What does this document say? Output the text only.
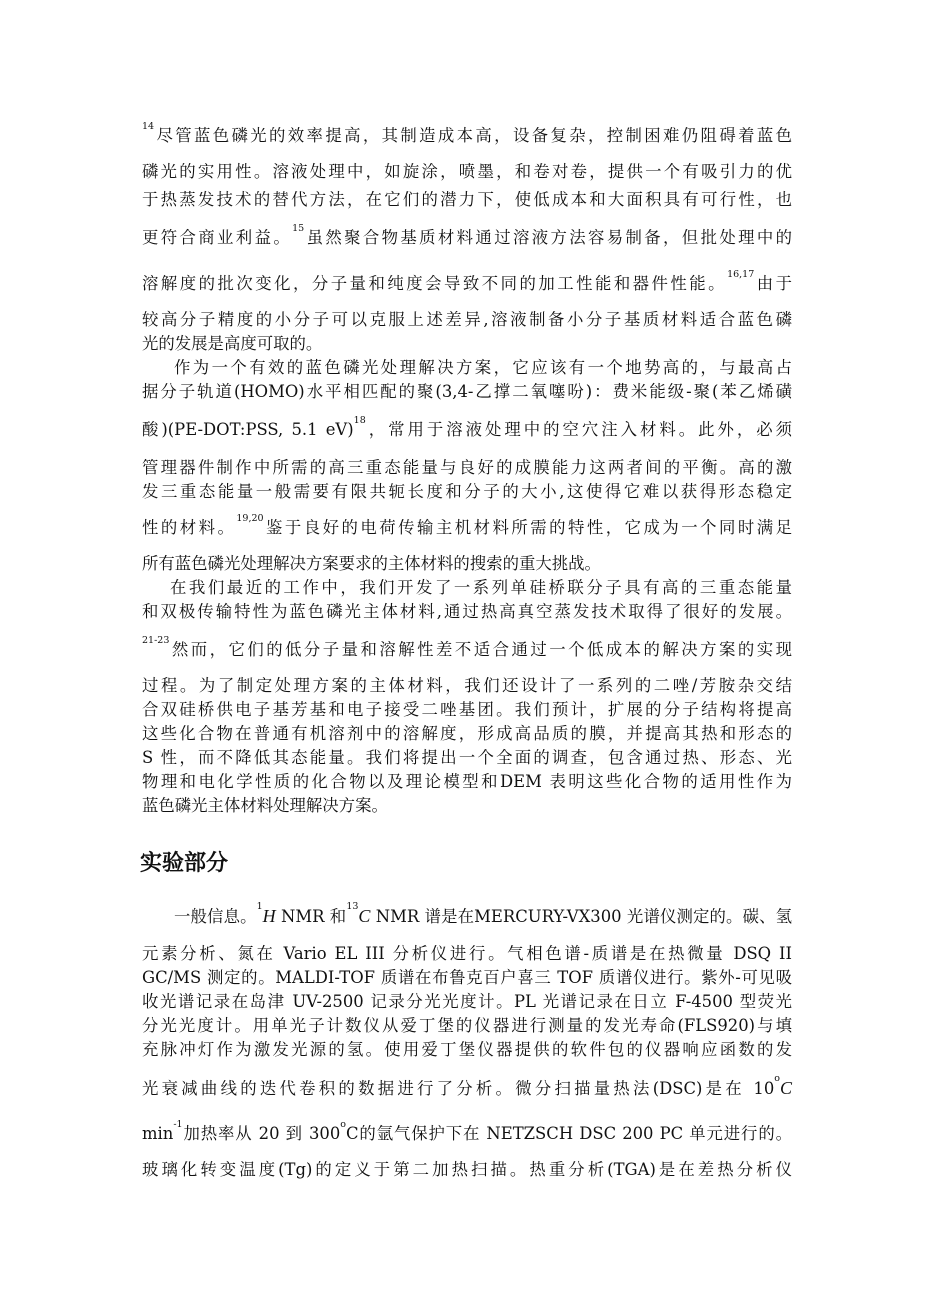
$^{14}$尽管蓝色磷光的效率提高，其制造成本高，设备复杂，控制困难仍阻碍着蓝色
磷光的实用性。溶液处理中，如旋涂，喷墨，和卷对卷，提供一个有吸引力的优
于热蒸发技术的替代方法，在它们的潜力下，使低成本和大面积具有可行性，也
更符合商业利益。$^{15}$虽然聚合物基质材料通过溶液方法容易制备，但批处理中的
溶解度的批次变化，分子量和纯度会导致不同的加工性能和器件性能。$^{16,17}$由于
较高分子精度的小分子可以克服上述差异,溶液制备小分子基质材料适合蓝色磷
光的发展是高度可取的。
作为一个有效的蓝色磷光处理解决方案，它应该有一个地势高的，与最高占
据分子轨道(HOMO)水平相匹配的聚(3,4-乙撑二氧噻吩)：费米能级-聚(苯乙烯磺
酸)(PE-DOT:PSS, 5.1 eV)$^{18}$，常用于溶液处理中的空穴注入材料。此外，必须
管理器件制作中所需的高三重态能量与良好的成膜能力这两者间的平衡。高的激
发三重态能量一般需要有限共轭长度和分子的大小,这使得它难以获得形态稳定
性的材料。$^{19,20}$鉴于良好的电荷传输主机材料所需的特性，它成为一个同时满足
所有蓝色磷光处理解决方案要求的主体材料的搜索的重大挑战。
在我们最近的工作中，我们开发了一系列单硅桥联分子具有高的三重态能量
和双极传输特性为蓝色磷光主体材料,通过热高真空蒸发技术取得了很好的发展。
$^{21-23}$然而，它们的低分子量和溶解性差不适合通过一个低成本的解决方案的实现
过程。为了制定处理方案的主体材料，我们还设计了一系列的二唑/芳胺杂交结
合双硅桥供电子基芳基和电子接受二唑基团。我们预计，扩展的分子结构将提高
这些化合物在普通有机溶剂中的溶解度，形成高品质的膜，并提高其热和形态的
S 性，而不降低其态能量。我们将提出一个全面的调查，包含通过热、形态、光
物理和电化学性质的化合物以及理论模型和DEM 表明这些化合物的适用性作为
蓝色磷光主体材料处理解决方案。
实验部分
一般信息。$^1$H NMR 和$^{13}$C NMR 谱是在MERCURY-VX300 光谱仪测定的。碳、氢
元素分析、氮在 Vario EL III 分析仪进行。气相色谱-质谱是在热微量 DSQ II
GC/MS 测定的。MALDI-TOF 质谱在布鲁克百户喜三 TOF 质谱仪进行。紫外-可见吸
收光谱记录在岛津 UV-2500 记录分光光度计。PL 光谱记录在日立 F-4500 型荧光
分光光度计。用单光子计数仪从爱丁堡的仪器进行测量的发光寿命(FLS920)与填
充脉冲灯作为激发光源的氢。使用爱丁堡仪器提供的软件包的仪器响应函数的发
光衰减曲线的迭代卷积的数据进行了分析。微分扫描量热法(DSC)是在 10$^o$C
$\min^{-1}$加热率从 20 到 300$^o$C的氩气保护下在 NETZSCH DSC 200 PC 单元进行的。
玻璃化转变温度(Tg)的定义于第二加热扫描。热重分析(TGA)是在差热分析仪
